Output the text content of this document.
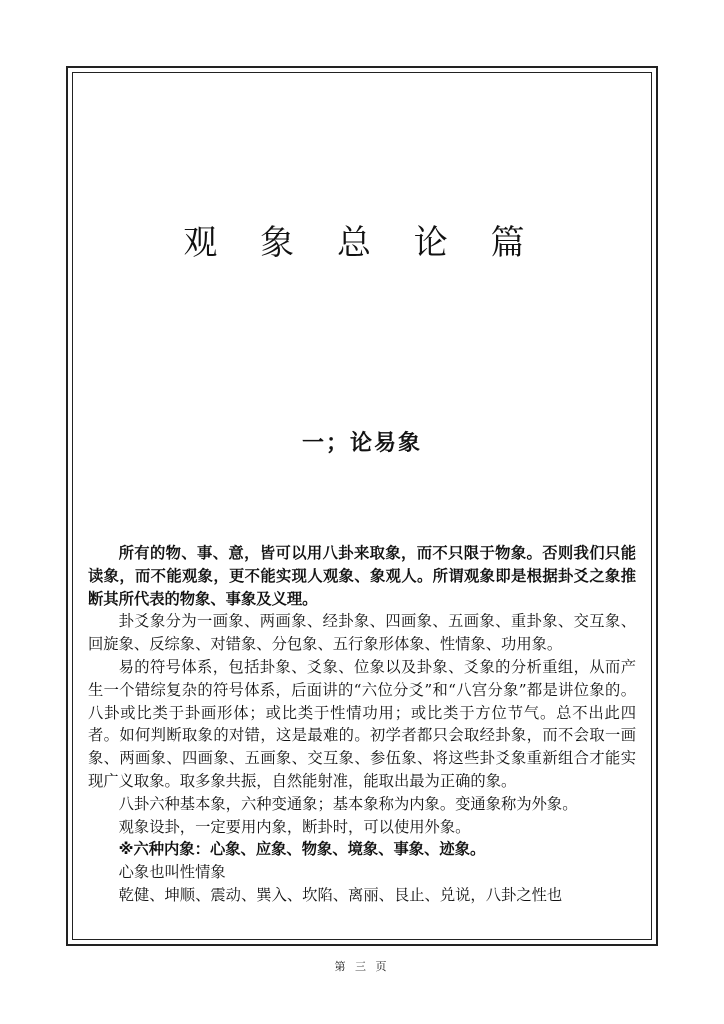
观 象 总 论 篇
一；论易象

所有的物、事、意，皆可以用八卦来取象，而不只限于物象。否则我们只能读象，而不能观象，更不能实现人观象、象观人。所谓观象即是根据卦爻之象推断其所代表的物象、事象及义理。

卦爻象分为一画象、两画象、经卦象、四画象、五画象、重卦象、交互象、回旋象、反综象、对错象、分包象、五行象形体象、性情象、功用象。

易的符号体系，包括卦象、爻象、位象以及卦象、爻象的分析重组，从而产生一个错综复杂的符号体系，后面讲的“六位分爻”和“八宫分象”都是讲位象的。八卦或比类于卦画形体；或比类于性情功用；或比类于方位节气。总不出此四者。如何判断取象的对错，这是最难的。初学者都只会取经卦象，而不会取一画象、两画象、四画象、五画象、交互象、参伍象、将这些卦爻象重新组合才能实现广义取象。取多象共振，自然能射准，能取出最为正确的象。

八卦六种基本象，六种变通象；基本象称为内象。变通象称为外象。

观象设卦，一定要用内象，断卦时，可以使用外象。

※六种内象：心象、应象、物象、境象、事象、迹象。

心象也叫性情象

乾健、坤顺、震动、巽入、坎陷、离丽、艮止、兑说，八卦之性也

第 三 页
